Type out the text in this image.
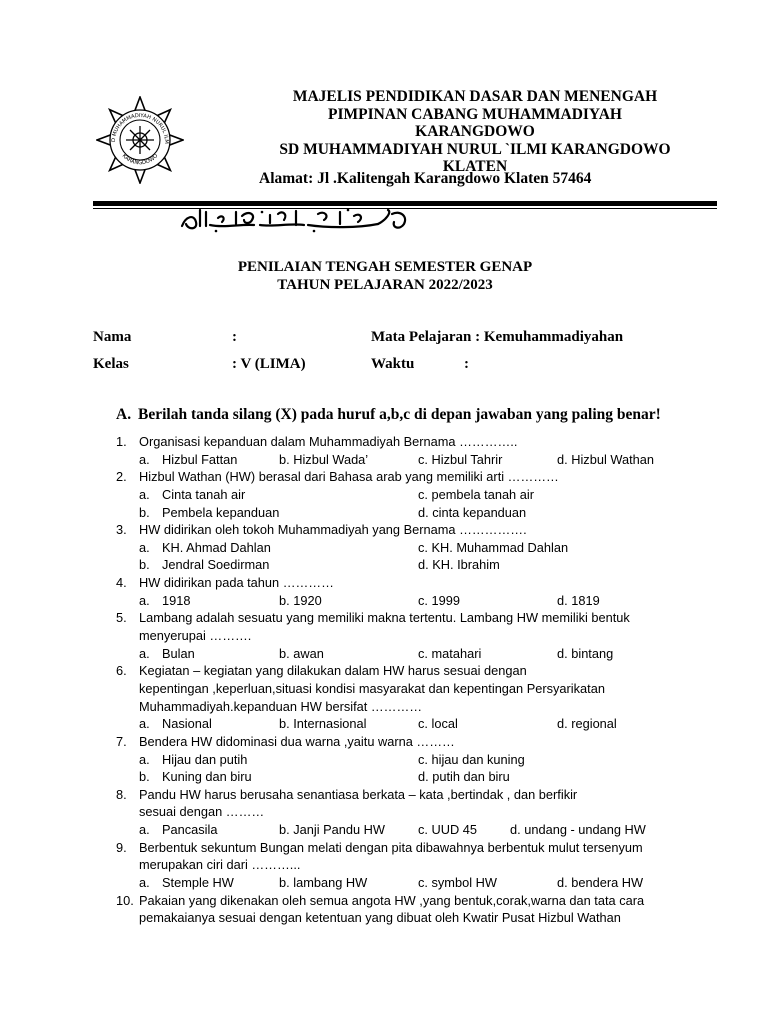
D MUHAMMADIYAH NURUL ILM
KARANGDOWO
MAJELIS PENDIDIKAN DASAR DAN MENENGAH
PIMPINAN CABANG MUHAMMADIYAH
KARANGDOWO
SD MUHAMMADIYAH NURUL `ILMI KARANGDOWO
KLATEN
Alamat: Jl .Kalitengah Karangdowo Klaten 57464
PENILAIAN TENGAH SEMESTER GENAP
TAHUN PELAJARAN 2022/2023
Nama	:	Mata Pelajaran : Kemuhammadiyahan
Kelas	: V (LIMA)	Waktu	:
A. Berilah tanda silang (X) pada huruf a,b,c di depan jawaban yang paling benar!
1. Organisasi kepanduan dalam Muhammadiyah Bernama …………..
a. Hizbul Fattan	b. Hizbul Wada’	c. Hizbul Tahrir	d. Hizbul Wathan
2. Hizbul Wathan (HW) berasal dari Bahasa arab yang memiliki arti …………
a. Cinta tanah air	c. pembela tanah air
b. Pembela kepanduan	d. cinta kepanduan
3. HW didirikan oleh tokoh Muhammadiyah yang Bernama …………….
a. KH. Ahmad Dahlan	c. KH. Muhammad Dahlan
b. Jendral Soedirman	d. KH. Ibrahim
4. HW didirikan pada tahun …………
a. 1918	b. 1920	c. 1999	d. 1819
5. Lambang adalah sesuatu yang memiliki makna tertentu. Lambang HW memiliki bentuk
menyerupai ……….
a. Bulan	b. awan	c. matahari	d. bintang
6. Kegiatan – kegiatan yang dilakukan dalam HW harus sesuai dengan
kepentingan ,keperluan,situasi kondisi masyarakat dan kepentingan Persyarikatan
Muhammadiyah.kepanduan HW bersifat …………
a. Nasional	b. Internasional	c. local	d. regional
7. Bendera HW didominasi dua warna ,yaitu warna ………
a. Hijau dan putih	c. hijau dan kuning
b. Kuning dan biru	d. putih dan biru
8. Pandu HW harus berusaha senantiasa berkata – kata ,bertindak , dan berfikir
sesuai dengan ………
a. Pancasila	b. Janji Pandu HW	c. UUD 45	d. undang - undang HW
9. Berbentuk sekuntum Bungan melati dengan pita dibawahnya berbentuk mulut tersenyum
merupakan ciri dari ………...
a. Stemple HW	b. lambang HW	c. symbol HW	d. bendera HW
10. Pakaian yang dikenakan oleh semua angota HW ,yang bentuk,corak,warna dan tata cara
pemakaianya sesuai dengan ketentuan yang dibuat oleh Kwatir Pusat Hizbul Wathan
